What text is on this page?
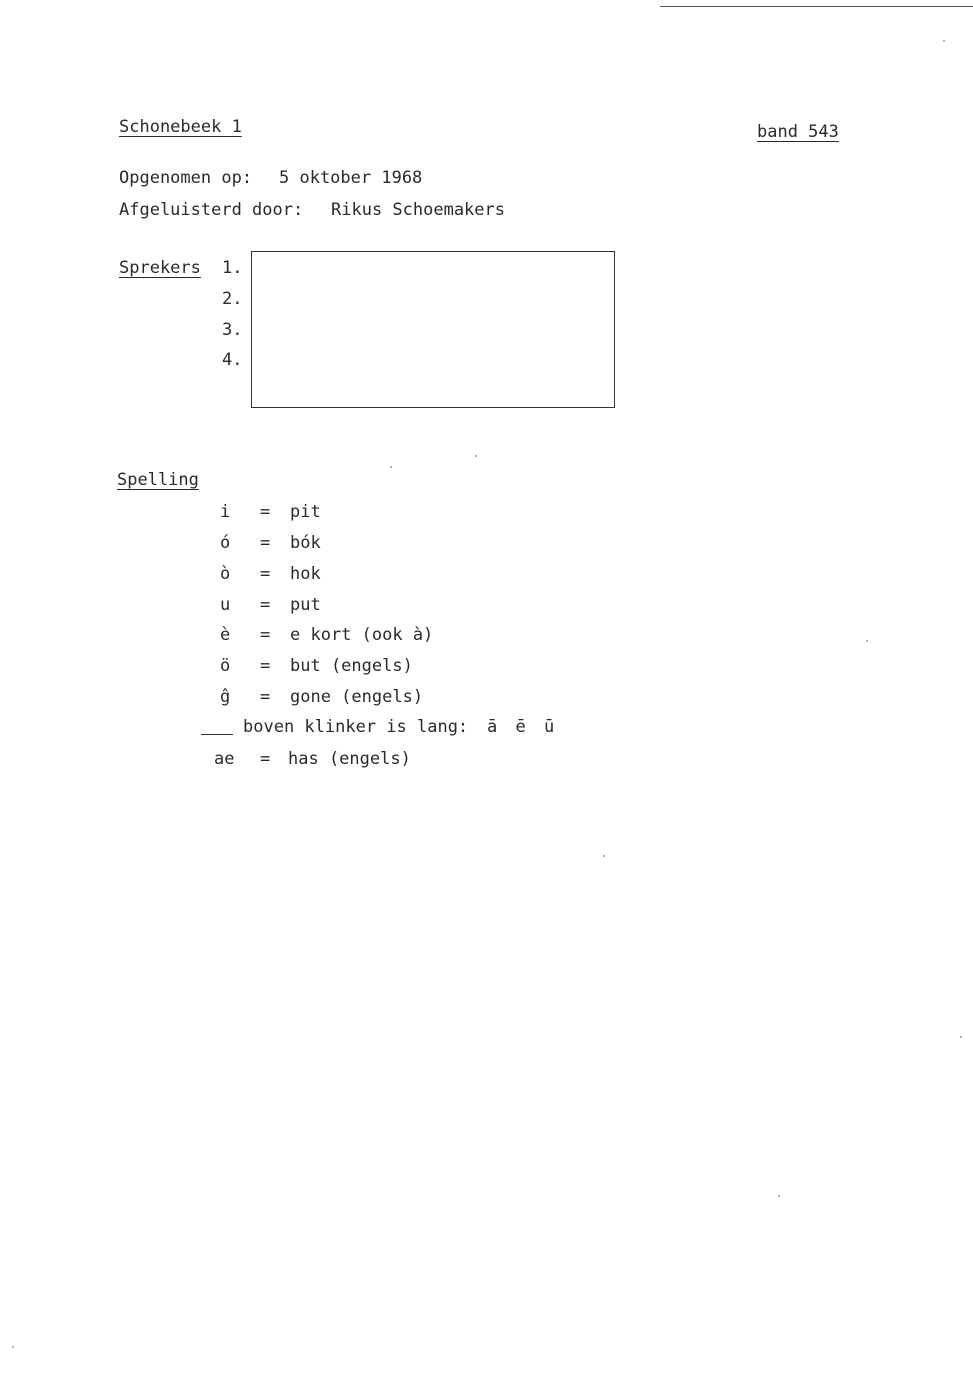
Schonebeek 1	band 543
Opgenomen op: 5 oktober 1968
Afgeluisterd door: Rikus Schoemakers
Sprekers 1.
2.
3.
4.
Spelling
i	= pit
ó	= bók
ò	= hok
u	= put
è	= e kort (ook à)
ö	= but (engels)
ĝ	= gone (engels)
boven klinker is lang: ā ē ū
ae	= has (engels)
